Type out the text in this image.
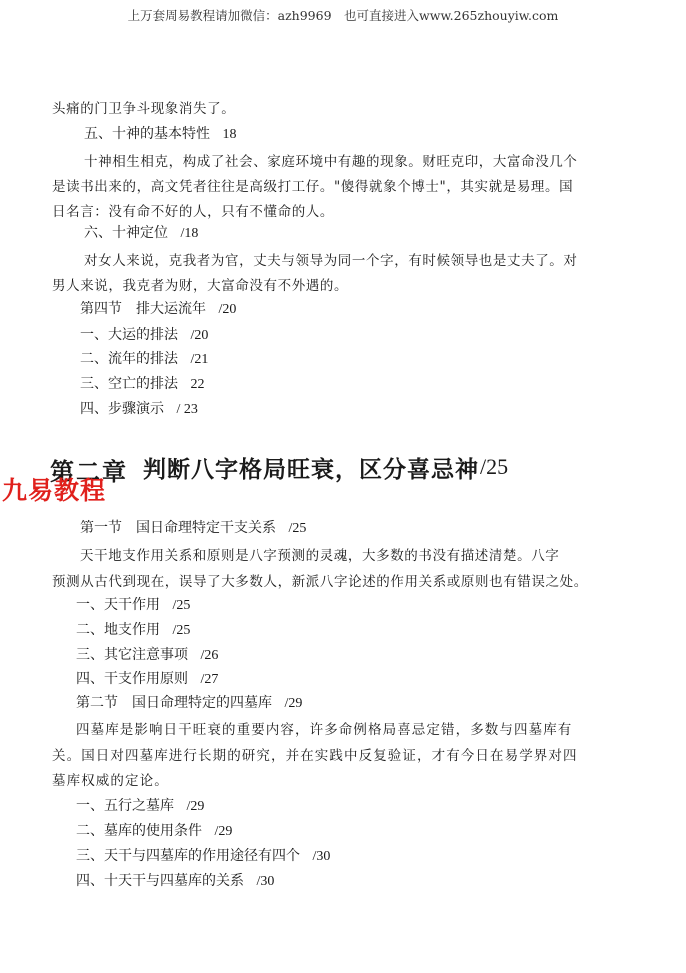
上万套周易教程请加微信：azh9969　也可直接进入www.265zhouyiw.com
头痛的门卫争斗现象消失了。
五、十神的基本特性 18
十神相生相克，构成了社会、家庭环境中有趣的现象。财旺克印，大富命没几个
是读书出来的，高文凭者往往是高级打工仔。"傻得就象个博士"，其实就是易理。国
日名言：没有命不好的人，只有不懂命的人。
六、十神定位 /18
对女人来说，克我者为官，丈夫与领导为同一个字，有时候领导也是丈夫了。对
男人来说，我克者为财，大富命没有不外遇的。
第四节　排大运流年 /20
一、大运的排法 /20
二、流年的排法 /21
三、空亡的排法 22
四、步骤演示 / 23
第二章 判断八字格局旺衰，区分喜忌神 /25
九易教程
第一节　国日命理特定干支关系 /25
天干地支作用关系和原则是八字预测的灵魂，大多数的书没有描述清楚。八字
预测从古代到现在，误导了大多数人，新派八字论述的作用关系或原则也有错误之处。
一、天干作用 /25
二、地支作用 /25
三、其它注意事项 /26
四、干支作用原则 /27
第二节　国日命理特定的四墓库 /29
四墓库是影响日干旺衰的重要内容，许多命例格局喜忌定错，多数与四墓库有
关。国日对四墓库进行长期的研究，并在实践中反复验证，才有今日在易学界对四
墓库权威的定论。
一、五行之墓库 /29
二、墓库的使用条件 /29
三、天干与四墓库的作用途径有四个 /30
四、十天干与四墓库的关系 /30
